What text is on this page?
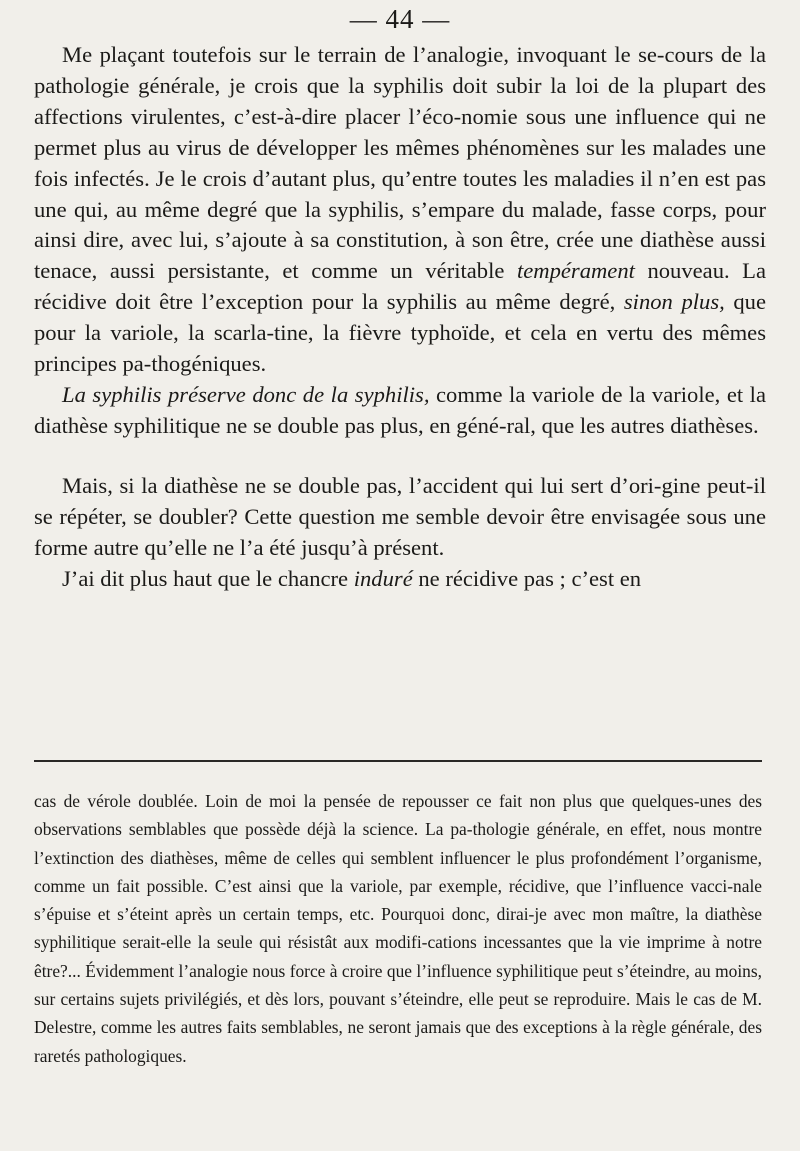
— 44 —

Me plaçant toutefois sur le terrain de l’analogie, invoquant le se-cours de la pathologie générale, je crois que la syphilis doit subir la loi de la plupart des affections virulentes, c’est-à-dire placer l’éco-nomie sous une influence qui ne permet plus au virus de développer les mêmes phénomènes sur les malades une fois infectés. Je le crois d’autant plus, qu’entre toutes les maladies il n’en est pas une qui, au même degré que la syphilis, s’empare du malade, fasse corps, pour ainsi dire, avec lui, s’ajoute à sa constitution, à son être, crée une diathèse aussi tenace, aussi persistante, et comme un véritable tempérament nouveau. La récidive doit être l’exception pour la syphilis au même degré, sinon plus, que pour la variole, la scarla-tine, la fièvre typhoïde, et cela en vertu des mêmes principes pa-thogéniques.

La syphilis préserve donc de la syphilis, comme la variole de la variole, et la diathèse syphilitique ne se double pas plus, en géné-ral, que les autres diathèses.

Mais, si la diathèse ne se double pas, l’accident qui lui sert d’ori-gine peut-il se répéter, se doubler? Cette question me semble devoir être envisagée sous une forme autre qu’elle ne l’a été jusqu’à présent.

J’ai dit plus haut que le chancre induré ne récidive pas ; c’est en

cas de vérole doublée. Loin de moi la pensée de repousser ce fait non plus que quelques-unes des observations semblables que possède déjà la science. La pa-thologie générale, en effet, nous montre l’extinction des diathèses, même de celles qui semblent influencer le plus profondément l’organisme, comme un fait possible. C’est ainsi que la variole, par exemple, récidive, que l’influence vacci-nale s’épuise et s’éteint après un certain temps, etc. Pourquoi donc, dirai-je avec mon maître, la diathèse syphilitique serait-elle la seule qui résistât aux modifi-cations incessantes que la vie imprime à notre être?... Évidemment l’analogie nous force à croire que l’influence syphilitique peut s’éteindre, au moins, sur certains sujets privilégiés, et dès lors, pouvant s’éteindre, elle peut se reproduire. Mais le cas de M. Delestre, comme les autres faits semblables, ne seront jamais que des exceptions à la règle générale, des raretés pathologiques.
